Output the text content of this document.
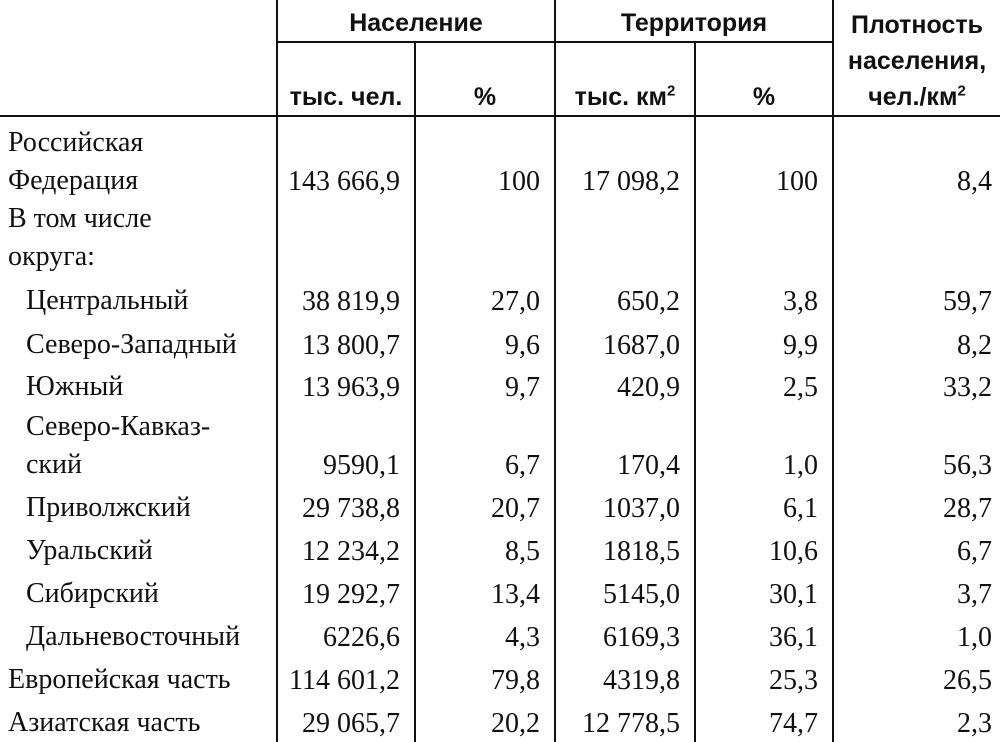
	Население		Территория		Плотность
населения,
$чел./км^2$
	тыс. чел.	%	тыс. $км^2$	%	
Российская
Федерация	143 666,9	100	17 098,2	100	8,4
В том числе
округа:					
Центральный	38 819,9	27,0	650,2	3,8	59,7
Северо-Западный	13 800,7	9,6	1687,0	9,9	8,2
Южный	13 963,9	9,7	420,9	2,5	33,2
Северо-Кавказ-
ский	9590,1	6,7	170,4	1,0	56,3
Приволжский	29 738,8	20,7	1037,0	6,1	28,7
Уральский	12 234,2	8,5	1818,5	10,6	6,7
Сибирский	19 292,7	13,4	5145,0	30,1	3,7
Дальневосточный	6226,6	4,3	6169,3	36,1	1,0
Европейская часть	114 601,2	79,8	4319,8	25,3	26,5
Азиатская часть	29 065,7	20,2	12 778,5	74,7	2,3
